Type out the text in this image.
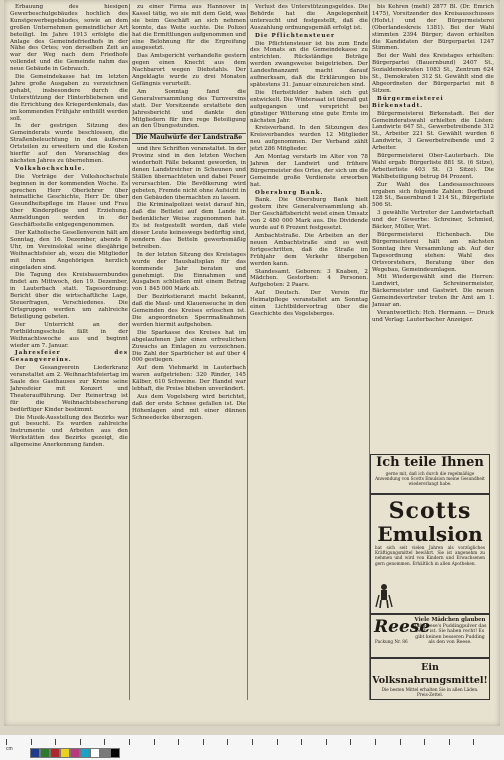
Erbauung des hiesigen Gewerbeschulgebäudes hochlich des Kunstgewerbegebäudes, sowie an dem großen Unternehmen gemeindlicher Art beteiligt. Im Jahre 1913 erfolgte die Anlage des Gemeindefriedhofs in der Nähe des Ortes; von derselben Zeit an war der Weg nach dem Friedhofe vollendet und die Gemeinde nahm das neue Gebäude in Gebrauch.

Die Gemeindekasse hat im letzten Jahre große Ausgaben zu verzeichnen gehabt, insbesondere durch die Unterstützung der Hinterbliebenen und die Errichtung des Kriegerdenkmals, das im kommenden Frühjahr enthüllt werden soll.

In der gestrigen Sitzung des Gemeinderats wurde beschlossen, die Straßenbeleuchtung in den äußeren Ortsteilen zu erweitern und die Kosten hierfür auf den Voranschlag des nächsten Jahres zu übernehmen.

Volkshochschule.

Die Vorträge der Volkshochschule beginnen in der kommenden Woche. Es sprechen Herr Oberlehrer über heimatliche Geschichte, Herr Dr. über Gesundheitspflege im Hause und Frau über Kinderpflege und Erziehung. Anmeldungen werden in der Geschäftsstelle entgegengenommen.

Der Katholische Gesellenverein hält am Sonntag, den 16. Dezember, abends 8 Uhr, im Vereinslokal seine diesjährige Weihnachtsfeier ab, wozu die Mitglieder mit ihren Angehörigen herzlich eingeladen sind.

Die Tagung des Kreisbauernbundes findet am Mittwoch, den 19. Dezember, in Lauterbach statt. Tagesordnung: Bericht über die wirtschaftliche Lage, Steuerfragen, Verschiedenes. Die Ortsgruppen werden um zahlreiche Beteiligung gebeten.

Der Unterricht an der Fortbildungsschule fällt in der Weihnachtswoche aus und beginnt wieder am 7. Januar.

Jahresfeier des Gesangvereins.

Der Gesangverein Liederkranz veranstaltet am 2. Weihnachtsfeiertag im Saale des Gasthauses zur Krone seine Jahresfeier mit Konzert und Theateraufführung. Der Reinertrag ist für die Weihnachtsbescherung bedürftiger Kinder bestimmt.

Die Musik-Ausstellung des Bezirks war gut besucht. Es wurden zahlreiche Instrumente und Arbeiten aus den Werkstätten des Bezirks gezeigt, die allgemeine Anerkennung fanden.

zu einer Firma aus Hannover in Kassel tätig, wo sie mit dem Geld, was sie beim Geschäft an sich nehmen konnte, das Weite suchte. Die Polizei hat die Ermittlungen aufgenommen und eine Belohnung für die Ergreifung ausgesetzt.

Das Amtsgericht verhandelte gestern gegen einen Knecht aus dem Nachbarort wegen Diebstahls. Der Angeklagte wurde zu drei Monaten Gefängnis verurteilt.

Am Sonntag fand die Generalversammlung des Turnvereins statt. Der Vorsitzende erstattete den Jahresbericht und dankte den Mitgliedern für ihre rege Beteiligung an den Übungsstunden.

Die Maulwürfe der Landstraße

und ihre Schriften veranstaltet. In der Provinz sind in den letzten Wochen wiederholt Fälle bekannt geworden, in denen Landstreicher in Scheunen und Ställen übernachteten und dabei Feuer verursachten. Die Bevölkerung wird gebeten, Fremde nicht ohne Aufsicht in den Gebäuden übernachten zu lassen.

Die Kriminalpolizei weist darauf hin, daß die Bettelei auf dem Lande in bedenklicher Weise zugenommen hat. Es ist festgestellt worden, daß viele dieser Leute keineswegs bedürftig sind, sondern das Betteln gewerbsmäßig betreiben.

In der letzten Sitzung des Kreistages wurde der Haushaltsplan für das kommende Jahr beraten und genehmigt. Die Einnahmen und Ausgaben schließen mit einem Betrag von 1 845 000 Mark ab.

Der Bezirkstierarzt macht bekannt, daß die Maul- und Klauenseuche in den Gemeinden des Kreises erloschen ist. Die angeordneten Sperrmaßnahmen werden hiermit aufgehoben.

Die Sparkasse des Kreises hat im abgelaufenen Jahr einen erfreulichen Zuwachs an Einlagen zu verzeichnen. Die Zahl der Sparbücher ist auf über 4 000 gestiegen.

Auf dem Viehmarkt in Lauterbach waren aufgetrieben: 320 Rinder, 145 Kälber, 610 Schweine. Der Handel war lebhaft, die Preise blieben unverändert.

Aus dem Vogelsberg wird berichtet, daß der erste Schnee gefallen ist. Die Höhenlagen sind mit einer dünnen Schneedecke überzogen.

Verlust des Unterstützungsgeldes. Die Behörde hat die Angelegenheit untersucht und festgestellt, daß die Auszahlung ordnungsgemäß erfolgt ist.

Die Pflichtensteuer

Die Pflichtensteuer ist bis zum Ende des Monats an die Gemeindekasse zu entrichten. Rückständige Beträge werden zwangsweise beigetrieben. Der Landesfinanzamt macht darauf aufmerksam, daß die Erklärungen bis spätestens 31. Januar einzureichen sind.

Die Herbstfelder haben sich gut entwickelt. Die Wintersaat ist überall gut aufgegangen und verspricht bei günstiger Witterung eine gute Ernte im nächsten Jahr.

Kreisverband. In den Sitzungen des Kreisverbandes wurden 12 Mitglieder neu aufgenommen. Der Verband zählt jetzt 286 Mitglieder.

Am Montag verstarb im Alter von 78 Jahren der Landwirt und frühere Bürgermeister des Ortes, der sich um die Gemeinde große Verdienste erworben hat.

Obersburg Bank.

Bank. Die Obersburg Bank hielt gestern ihre Generalversammlung ab. Der Geschäftsbericht weist einen Umsatz von 2 480 000 Mark aus. Die Dividende wurde auf 6 Prozent festgesetzt.

Ambachtstraße. Die Arbeiten an der neuen Ambachtstraße sind so weit fortgeschritten, daß die Straße im Frühjahr dem Verkehr übergeben werden kann.

Standesamt. Geboren: 3 Knaben, 2 Mädchen. Gestorben: 4 Personen. Aufgeboten: 2 Paare.

Auf Deutsch. Der Verein für Heimatpflege veranstaltet am Sonntag einen Lichtbildervortrag über die Geschichte des Vogelsberges.

bis Kehren (mehl) 2877 Bl. (Dr. Emrich 1475), Vorsitzender des Kreisausschusses (Hofst.) und der Bürgermeisterei (Oberlandeskreis 1381). Bei der Wahl stimmten 2394 Bürger; davon erhielten die Kandidaten der Bürgerpartei 1247 Stimmen.

Bei der Wahl des Kreistages erhielten: Bürgerpartei (Bauernbund) 2407 St., Sozialdemokraten 1083 St., Zentrum 624 St., Demokraten 312 St. Gewählt sind die Abgeordneten der Bürgerpartei mit 8 Sitzen.

Bürgermeisterei Birkenstadt.

Bürgermeisterei Birkenstadt. Bei der Gemeinderatswahl erhielten die Listen: Landwirte 647 St., Gewerbetreibende 312 St., Arbeiter 221 St. Gewählt wurden 6 Landwirte, 3 Gewerbetreibende und 2 Arbeiter.

Bürgermeisterei Ober-Lauterbach. Die Wahl ergab: Bürgerliste 881 St. (6 Sitze), Arbeiterliste 403 St. (3 Sitze). Die Wahlbeteiligung betrug 84 Prozent.

Zur Wahl des Landesausschusses ergaben sich folgende Zahlen: Dorfbund 128 St., Bauernbund 1 214 St., Bürgerliste 506 St.

3 gewählte Vertreter der Landwirtschaft und der Gewerbe: Schreiner, Schmied, Bäcker, Müller, Wirt.

Bürgermeisterei Eichenbach. Die Bürgermeisterei hält am nächsten Sonntag ihre Versammlung ab. Auf der Tagesordnung stehen: Wahl des Ortsvorstehers, Beratung über den Wegebau, Gemeindeumlagen.

Mit Wiedergewählt sind die Herren: Landwirt, Schreinermeister, Bäckermeister und Gastwirt. Die neuen Gemeindevertreter treten ihr Amt am 1. Januar an.

Verantwortlich: Hch. Hermann. — Druck und Verlag: Lauterbacher Anzeiger.

Ich teile Ihnen
gerne mit, daß ich durch die regelmäßige Anwendung von Scotts Emulsion meine Gesundheit wiedererlangt habe.
Scotts
Emulsion
hat sich seit vielen Jahren als vorzügliches Kräftigungsmittel bewährt. Sie ist angenehm zu nehmen und wird von Kindern und Erwachsenen gern genommen. Erhältlich in allen Apotheken.
Reese
Viele Mädchen glauben
daß Reese's Puddingpulver das beste ist. Sie haben recht! Es gibt keinen besseren Pudding als den von Reese.
Packung Nr. 86
Ein Volksnahrungsmittel!
Die besten Mittel erhalten Sie in allen Läden. Preis-Zettel.
cm
